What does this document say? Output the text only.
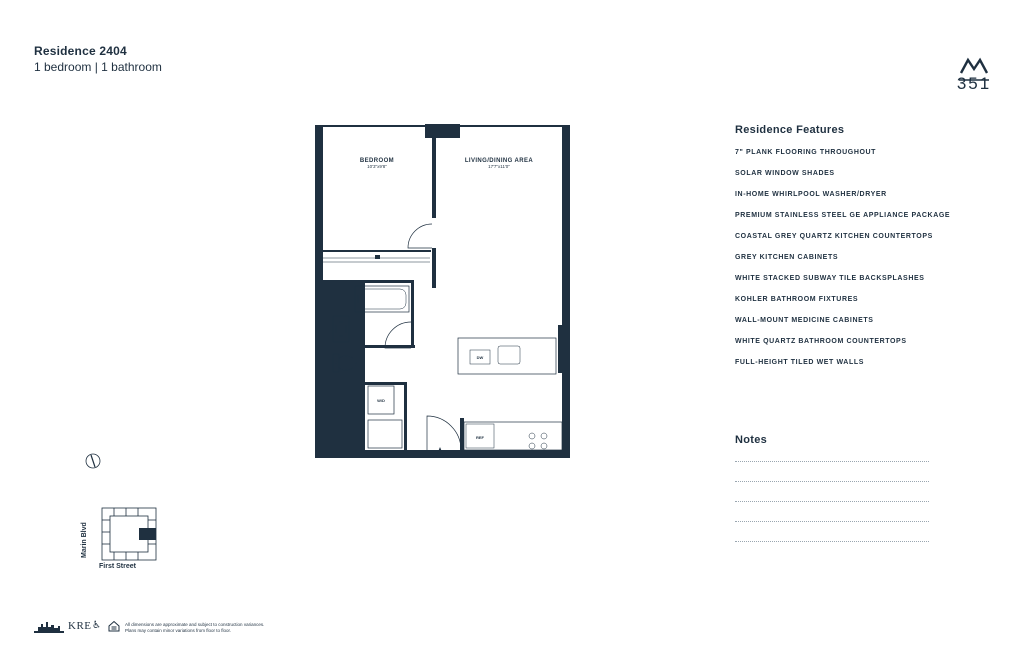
Residence 2404
1 bedroom | 1 bathroom
351
BEDROOM
10'3"x9'8"
LIVING/DINING AREA
17'7"x11'0"
DW
W/D
REF
Marin Blvd
First Street
Residence Features
7" PLANK FLOORING THROUGHOUT
SOLAR WINDOW SHADES
IN-HOME WHIRLPOOL WASHER/DRYER
PREMIUM STAINLESS STEEL GE APPLIANCE PACKAGE
COASTAL GREY QUARTZ KITCHEN COUNTERTOPS
GREY KITCHEN CABINETS
WHITE STACKED SUBWAY TILE BACKSPLASHES
KOHLER BATHROOM FIXTURES
WALL-MOUNT MEDICINE CABINETS
WHITE QUARTZ BATHROOM COUNTERTOPS
FULL-HEIGHT TILED WET WALLS
Notes
KRE ♿	All dimensions are approximate and subject to construction variances.
Plans may contain minor variations from floor to floor.
